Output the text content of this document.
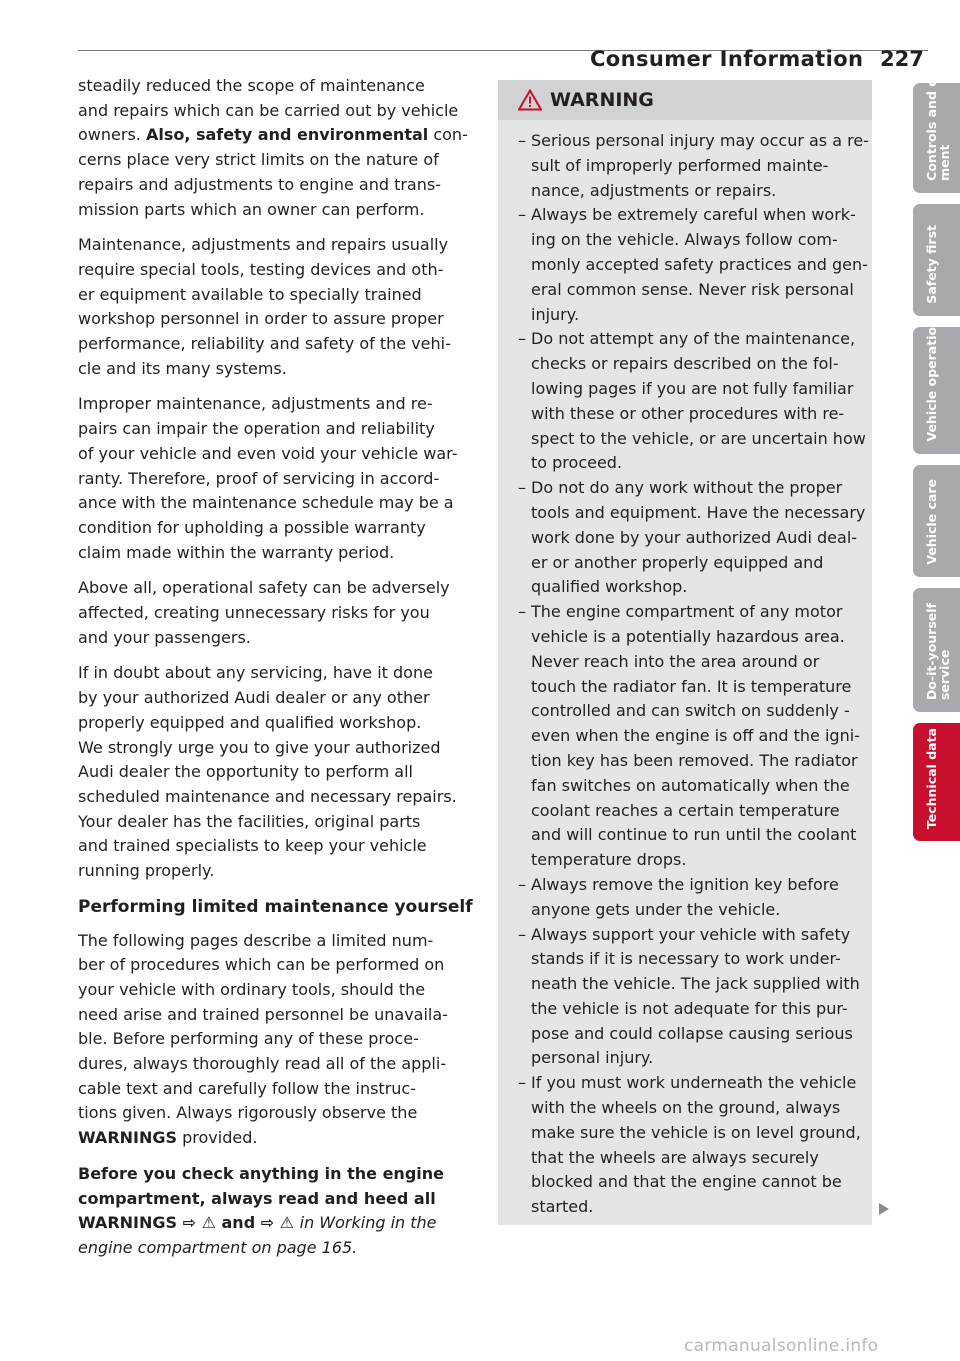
Consumer Information 227

steadily reduced the scope of maintenance
and repairs which can be carried out by vehicle
owners. Also, safety and environmental con-
cerns place very strict limits on the nature of
repairs and adjustments to engine and trans-
mission parts which an owner can perform.

Maintenance, adjustments and repairs usually
require special tools, testing devices and oth-
er equipment available to specially trained
workshop personnel in order to assure proper
performance, reliability and safety of the vehi-
cle and its many systems.

Improper maintenance, adjustments and re-
pairs can impair the operation and reliability
of your vehicle and even void your vehicle war-
ranty. Therefore, proof of servicing in accord-
ance with the maintenance schedule may be a
condition for upholding a possible warranty
claim made within the warranty period.

Above all, operational safety can be adversely
affected, creating unnecessary risks for you
and your passengers.

If in doubt about any servicing, have it done
by your authorized Audi dealer or any other
properly equipped and qualified workshop.
We strongly urge you to give your authorized
Audi dealer the opportunity to perform all
scheduled maintenance and necessary repairs.
Your dealer has the facilities, original parts
and trained specialists to keep your vehicle
running properly.

Performing limited maintenance yourself

The following pages describe a limited num-
ber of procedures which can be performed on
your vehicle with ordinary tools, should the
need arise and trained personnel be unavaila-
ble. Before performing any of these proce-
dures, always thoroughly read all of the appli-
cable text and carefully follow the instruc-
tions given. Always rigorously observe the
WARNINGS provided.

Before you check anything in the engine
compartment, always read and heed all
WARNINGS ⇨ ⚠ and ⇨ ⚠ in Working in the
engine compartment on page 165.

WARNING
– Serious personal injury may occur as a re-
sult of improperly performed mainte-
nance, adjustments or repairs.
– Always be extremely careful when work-
ing on the vehicle. Always follow com-
monly accepted safety practices and gen-
eral common sense. Never risk personal
injury.
– Do not attempt any of the maintenance,
checks or repairs described on the fol-
lowing pages if you are not fully familiar
with these or other procedures with re-
spect to the vehicle, or are uncertain how
to proceed.
– Do not do any work without the proper
tools and equipment. Have the necessary
work done by your authorized Audi deal-
er or another properly equipped and
qualified workshop.
– The engine compartment of any motor
vehicle is a potentially hazardous area.
Never reach into the area around or
touch the radiator fan. It is temperature
controlled and can switch on suddenly -
even when the engine is off and the igni-
tion key has been removed. The radiator
fan switches on automatically when the
coolant reaches a certain temperature
and will continue to run until the coolant
temperature drops.
– Always remove the ignition key before
anyone gets under the vehicle.
– Always support your vehicle with safety
stands if it is necessary to work under-
neath the vehicle. The jack supplied with
the vehicle is not adequate for this pur-
pose and could collapse causing serious
personal injury.
– If you must work underneath the vehicle
with the wheels on the ground, always
make sure the vehicle is on level ground,
that the wheels are always securely
blocked and that the engine cannot be
started.
Controls and equip-
ment
Safety first
Vehicle operation
Vehicle care
Do-it-yourself
service
Technical data
carmanualsonline.info
